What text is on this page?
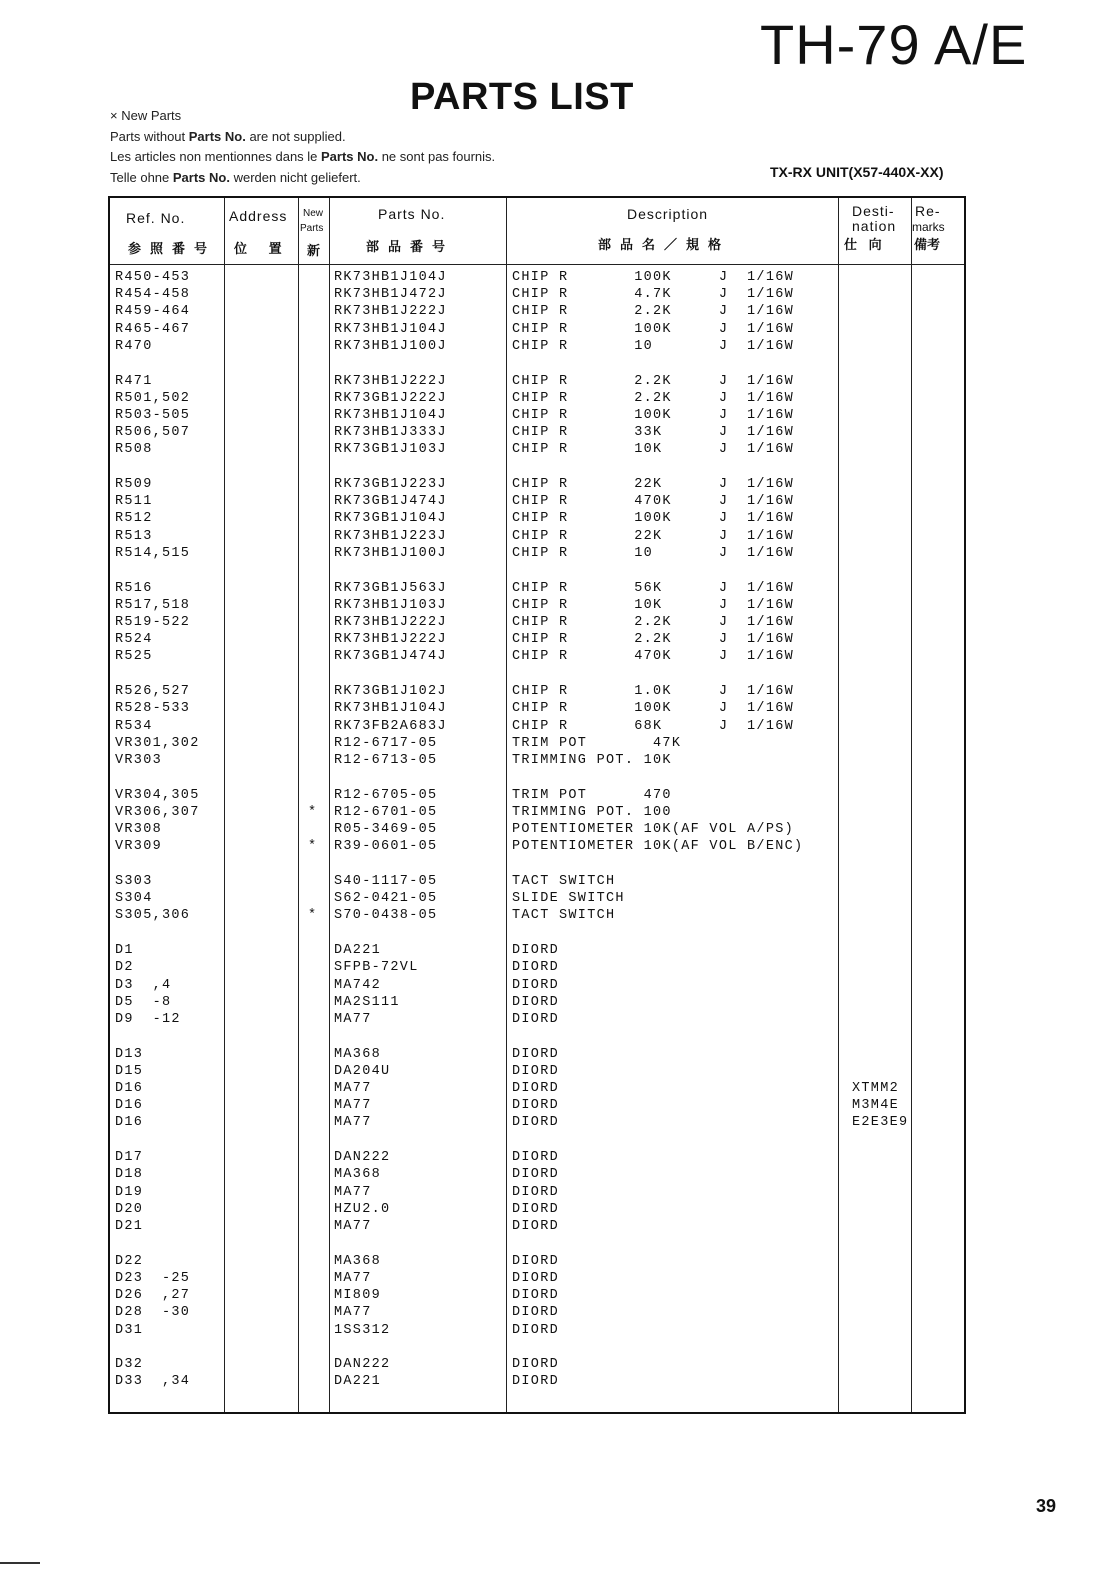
TH-79 A/E
PARTS LIST
× New Parts
Parts without Parts No. are not supplied.
Les articles non mentionnes dans le Parts No. ne sont pas fournis.
Telle ohne Parts No. werden nicht geliefert.	TX-RX UNIT(X57-440X-XX)
Ref. No.
参照番号
Address
位 置
New
Parts
新
Parts No.
部品番号
Description
部品名／規格
Desti-
nation
仕 向
Re-
marks
備考
R450-453	RK73HB1J104J	CHIP R       100K     J  1/16W
R454-458	RK73HB1J472J	CHIP R       4.7K     J  1/16W
R459-464	RK73HB1J222J	CHIP R       2.2K     J  1/16W
R465-467	RK73HB1J104J	CHIP R       100K     J  1/16W
R470	RK73HB1J100J	CHIP R       10       J  1/16W
R471	RK73HB1J222J	CHIP R       2.2K     J  1/16W
R501,502	RK73GB1J222J	CHIP R       2.2K     J  1/16W
R503-505	RK73HB1J104J	CHIP R       100K     J  1/16W
R506,507	RK73HB1J333J	CHIP R       33K      J  1/16W
R508	RK73GB1J103J	CHIP R       10K      J  1/16W
R509	RK73GB1J223J	CHIP R       22K      J  1/16W
R511	RK73GB1J474J	CHIP R       470K     J  1/16W
R512	RK73GB1J104J	CHIP R       100K     J  1/16W
R513	RK73HB1J223J	CHIP R       22K      J  1/16W
R514,515	RK73HB1J100J	CHIP R       10       J  1/16W
R516	RK73GB1J563J	CHIP R       56K      J  1/16W
R517,518	RK73HB1J103J	CHIP R       10K      J  1/16W
R519-522	RK73HB1J222J	CHIP R       2.2K     J  1/16W
R524	RK73HB1J222J	CHIP R       2.2K     J  1/16W
R525	RK73GB1J474J	CHIP R       470K     J  1/16W
R526,527	RK73GB1J102J	CHIP R       1.0K     J  1/16W
R528-533	RK73HB1J104J	CHIP R       100K     J  1/16W
R534	RK73FB2A683J	CHIP R       68K      J  1/16W
VR301,302	R12-6717-05	TRIM POT       47K
VR303	R12-6713-05	TRIMMING POT. 10K
VR304,305	R12-6705-05	TRIM POT      470
VR306,307	* R12-6701-05	TRIMMING POT. 100
VR308	R05-3469-05	POTENTIOMETER 10K(AF VOL A/PS)
VR309	* R39-0601-05	POTENTIOMETER 10K(AF VOL B/ENC)
S303	S40-1117-05	TACT SWITCH
S304	S62-0421-05	SLIDE SWITCH
S305,306	* S70-0438-05	TACT SWITCH
D1	DA221	DIORD
D2	SFPB-72VL	DIORD
D3  ,4	MA742	DIORD
D5  -8	MA2S111	DIORD
D9  -12	MA77	DIORD
D13	MA368	DIORD
D15	DA204U	DIORD
D16	MA77	DIORD	XTMM2
D16	MA77	DIORD	M3M4E
D16	MA77	DIORD	E2E3E9
D17	DAN222	DIORD
D18	MA368	DIORD
D19	MA77	DIORD
D20	HZU2.0	DIORD
D21	MA77	DIORD
D22	MA368	DIORD
D23  -25	MA77	DIORD
D26  ,27	MI809	DIORD
D28  -30	MA77	DIORD
D31	1SS312	DIORD
D32	DAN222	DIORD
D33  ,34	DA221	DIORD
39
